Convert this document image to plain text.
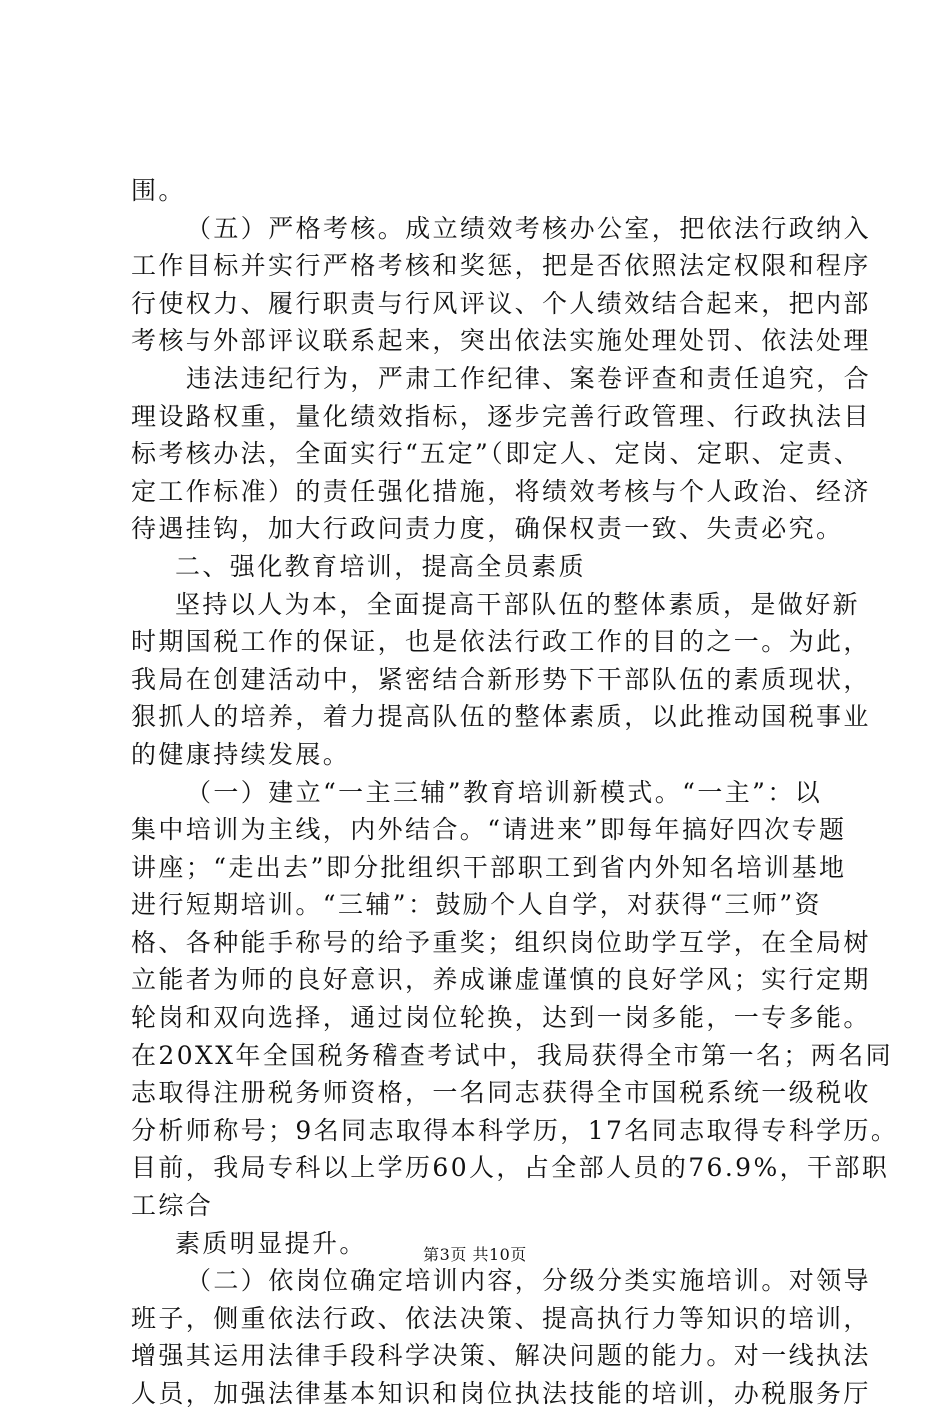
围。
（五）严格考核。成立绩效考核办公室，把依法行政纳入
工作目标并实行严格考核和奖惩，把是否依照法定权限和程序
行使权力、履行职责与行风评议、个人绩效结合起来，把内部
考核与外部评议联系起来，突出依法实施处理处罚、依法处理
违法违纪行为，严肃工作纪律、案卷评查和责任追究，合
理设路权重，量化绩效指标，逐步完善行政管理、行政执法目
标考核办法，全面实行“五定”（即定人、定岗、定职、定责、
定工作标准）的责任强化措施，将绩效考核与个人政治、经济
待遇挂钩，加大行政问责力度，确保权责一致、失责必究。
二、强化教育培训，提高全员素质
坚持以人为本，全面提高干部队伍的整体素质，是做好新
时期国税工作的保证，也是依法行政工作的目的之一。为此，
我局在创建活动中，紧密结合新形势下干部队伍的素质现状，
狠抓人的培养，着力提高队伍的整体素质，以此推动国税事业
的健康持续发展。
（一）建立“一主三辅”教育培训新模式。“一主”：以
集中培训为主线，内外结合。“请进来”即每年搞好四次专题
讲座；“走出去”即分批组织干部职工到省内外知名培训基地
进行短期培训。“三辅”：鼓励个人自学，对获得“三师”资
格、各种能手称号的给予重奖；组织岗位助学互学，在全局树
立能者为师的良好意识，养成谦虚谨慎的良好学风；实行定期
轮岗和双向选择，通过岗位轮换，达到一岗多能，一专多能。
在20XX年全国税务稽查考试中，我局获得全市第一名；两名同
志取得注册税务师资格，一名同志获得全市国税系统一级税收
分析师称号；9名同志取得本科学历，17名同志取得专科学历。
目前，我局专科以上学历60人，占全部人员的76.9%，干部职
工综合
素质明显提升。
（二）依岗位确定培训内容，分级分类实施培训。对领导
班子，侧重依法行政、依法决策、提高执行力等知识的培训，
增强其运用法律手段科学决策、解决问题的能力。对一线执法
人员，加强法律基本知识和岗位执法技能的培训，办税服务厅
第3页 共10页
